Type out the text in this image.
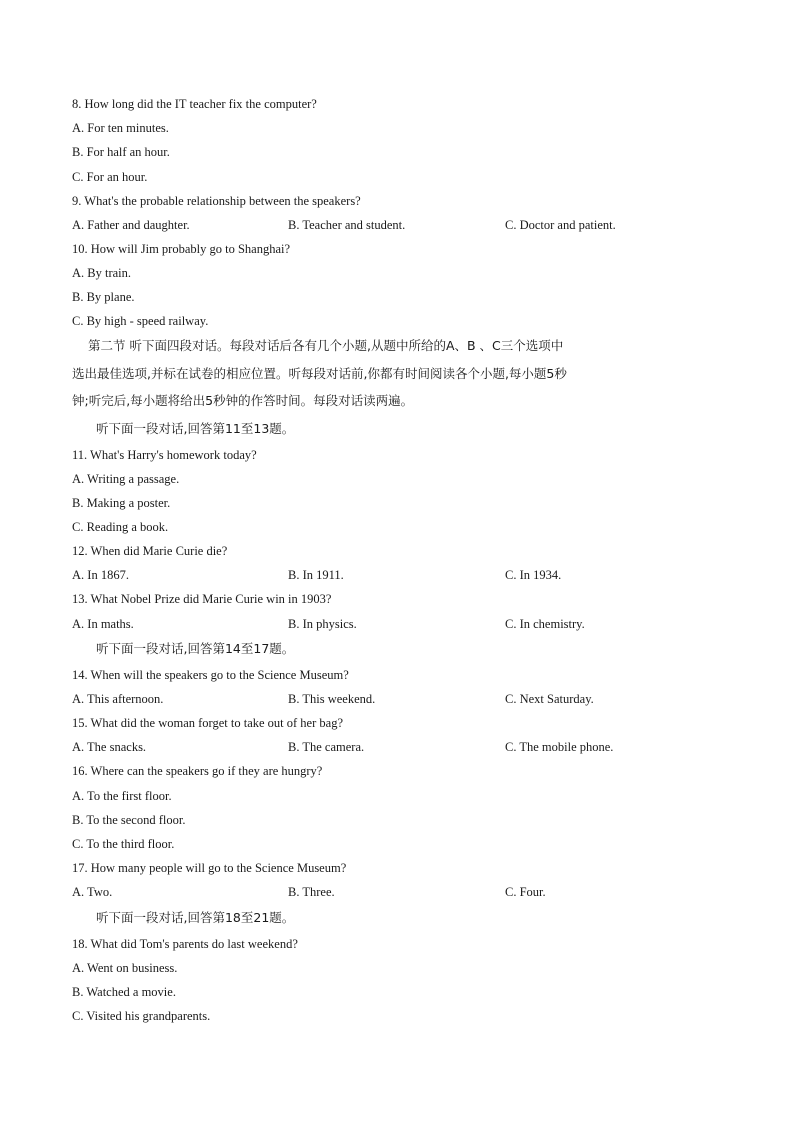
8. How long did the IT teacher fix the computer?
A. For ten minutes.
B. For half an hour.
C. For an hour.
9. What's the probable relationship between the speakers?
A. Father and daughter.	B. Teacher and student.	C. Doctor and patient.
10. How will Jim probably go to Shanghai?
A. By train.
B. By plane.
C. By high - speed railway.
第二节 听下面四段对话。每段对话后各有几个小题,从题中所给的A、B 、C三个选项中
选出最佳选项,并标在试卷的相应位置。听每段对话前,你都有时间阅读各个小题,每小题5秒
钟;听完后,每小题将给出5秒钟的作答时间。每段对话读两遍。
听下面一段对话,回答第11至13题。
11. What's Harry's homework today?
A. Writing a passage.
B. Making a poster.
C. Reading a book.
12. When did Marie Curie die?
A. In 1867.	B. In 1911.	C. In 1934.
13. What Nobel Prize did Marie Curie win in 1903?
A. In maths.	B. In physics.	C. In chemistry.
听下面一段对话,回答第14至17题。
14. When will the speakers go to the Science Museum?
A. This afternoon.	B. This weekend.	C. Next Saturday.
15. What did the woman forget to take out of her bag?
A. The snacks.	B. The camera.	C. The mobile phone.
16. Where can the speakers go if they are hungry?
A. To the first floor.
B. To the second floor.
C. To the third floor.
17. How many people will go to the Science Museum?
A. Two.	B. Three.	C. Four.
听下面一段对话,回答第18至21题。
18. What did Tom's parents do last weekend?
A. Went on business.
B. Watched a movie.
C. Visited his grandparents.
